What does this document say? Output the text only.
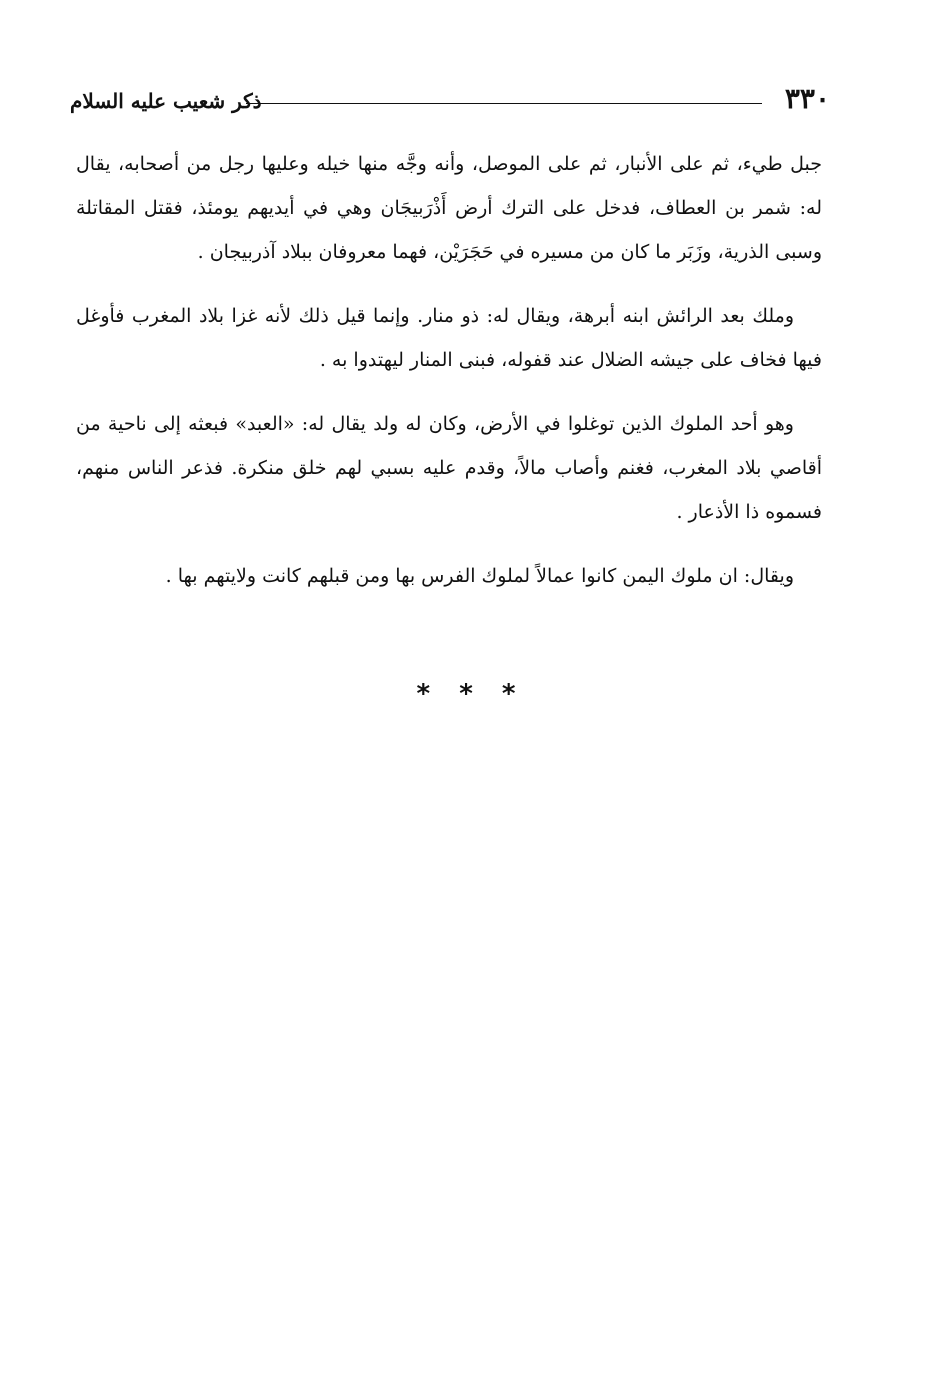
٣٣٠
ذكر شعيب عليه السلام

جبل طيء، ثم على الأنبار، ثم على الموصل، وأنه وجَّه منها خيله وعليها رجل من أصحابه، يقال له: شمر بن العطاف، فدخل على الترك أرض أَذْرَبيجَان وهي في أيديهم يومئذ، فقتل المقاتلة وسبى الذرية، وزَبَر ما كان من مسيره في حَجَرَيْن، فهما معروفان ببلاد آذربيجان .

وملك بعد الرائش ابنه أبرهة، ويقال له: ذو منار. وإنما قيل ذلك لأنه غزا بلاد المغرب فأوغل فيها فخاف على جيشه الضلال عند قفوله، فبنى المنار ليهتدوا به .

وهو أحد الملوك الذين توغلوا في الأرض، وكان له ولد يقال له: «العبد» فبعثه إلى ناحية من أقاصي بلاد المغرب، فغنم وأصاب مالاً، وقدم عليه بسبي لهم خلق منكرة. فذعر الناس منهم، فسموه ذا الأذعار .

ويقال: ان ملوك اليمن كانوا عمالاً لملوك الفرس بها ومن قبلهم كانت ولايتهم بها .

* * *
